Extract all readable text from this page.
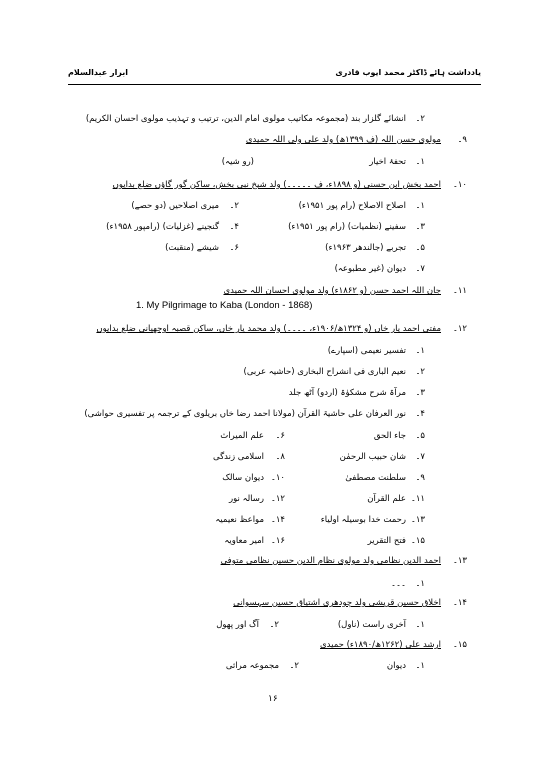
یادداشت ہائے ڈاکٹر محمد ایوب قادری
ابرار عبدالسلام
۲۔
انشائے گلزار بند (مجموعہ مکاتیب مولوی امام الدین، ترتیب و تہذیب مولوی احسان الکریم)
۹۔
مولوی حسن اللہ (ف ۱۳۹۹ھ) ولد علی ولی اللہ حمیدی
۱۔
تحفۂ اخیار
(رو شیہ)
۱۰۔
احمد بخش ابن حسنی (و ۱۸۹۸ء، ف ۔۔۔۔۔) ولد شیخ نبی بخش، ساکن گور گاؤں ضلع بدایوں
۱۔
اصلاح الاصلاح (رام پور ۱۹۵۱ء)
۲۔
میری اصلاحیں (دو حصے)
۳۔
سفینے (نظمیات) (رام پور ۱۹۵۱ء)
۴۔
گنجینے (غزلیات) (رامپور ۱۹۵۸ء)
۵۔
تجربے (جالندھر ۱۹۶۳ء)
۶۔
شیشے (منقبت)
۷۔
دیوان (غیر مطبوعہ)
۱۱۔
جان اللہ احمد حسن (و ۱۸۶۲ء) ولد مولوی احسان اللہ حمیدی
1. My Pilgrimage to Kaba (London - 1868)
۱۲۔
مفتی احمد یار خاں (و ۱۳۲۴ھ/۱۹۰۶ء، ۔۔۔۔) ولد محمد یار خاں، ساکن قصبہ اوجھیانی ضلع بدایوں
۱۔
تفسیر نعیمی (اسپارے)
۲۔
نعیم الباری فی انشراح البخاری (حاشیہ عربی)
۳۔
مرآۃ شرح مشکوٰۃ (اردو) آٹھ جلد
۴۔
نور العرفان علی حاشیۃ القرآن (مولانا احمد رضا خاں بریلوی کے ترجمہ پر تفسیری حواشی)
۵۔
جاء الحق
۶۔
علم المیراث
۷۔
شان حبیب الرحمٰن
۸۔
اسلامی زندگی
۹۔
سلطنت مصطفیٰ
۱۰۔
دیوان سالک
۱۱۔
علم القرآن
۱۲۔
رسالہ نور
۱۳۔
رحمت خدا بوسیلہ اولیاء
۱۴۔
مواعظ نعیمیہ
۱۵۔
فتح التقریر
۱۶۔
امیر معاویہ
۱۳۔
احمد الدین نظامی ولد مولوی نظام الدین حسین نظامی متوفی
۱۔
۔۔۔
۱۴۔
اخلاق حسین قریشی ولد چودھری اشتیاق حسین سہسوانی
۱۔
آخری راست (ناول)
۲۔
آگ اور پھول
۱۵۔
ارشد علی (۱۲۶۲ھ/۱۸۹۰ء) حمیدی
۱۔
دیوان
۲۔
مجموعہ مراثی
۱۶
